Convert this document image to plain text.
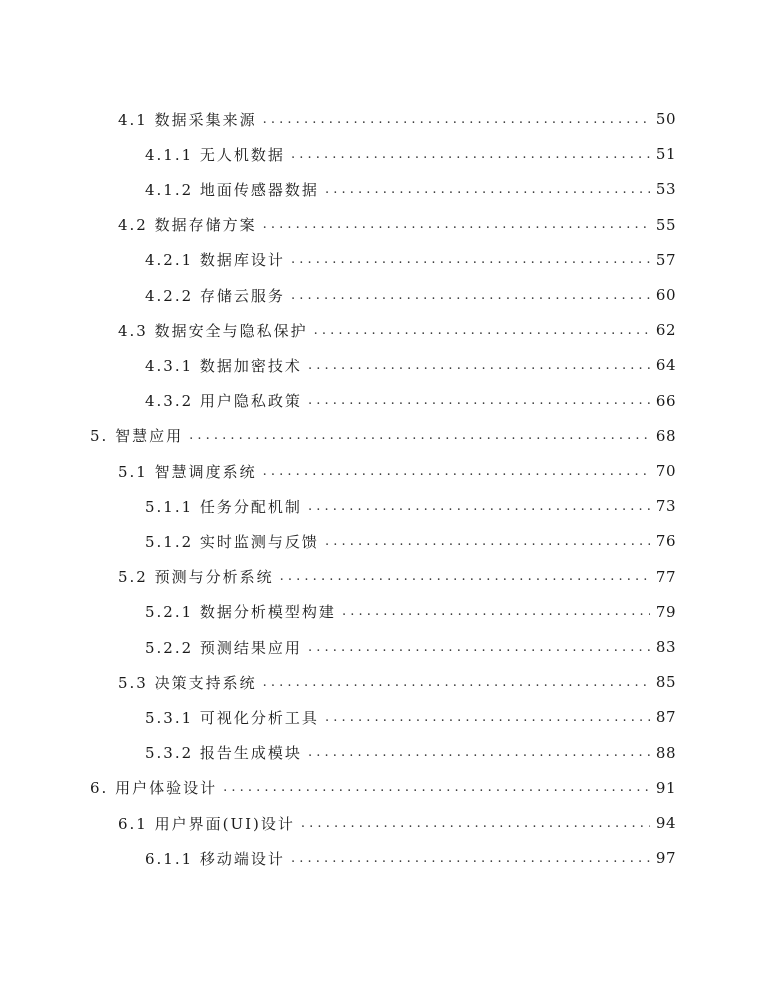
4.1 数据采集来源 . . .	50
4.1.1 无人机数据 . . .	51
4.1.2 地面传感器数据 . . .	53
4.2 数据存储方案 . . .	55
4.2.1 数据库设计 . . .	57
4.2.2 存储云服务 . . .	60
4.3 数据安全与隐私保护 . . .	62
4.3.1 数据加密技术 . . .	64
4.3.2 用户隐私政策 . . .	66
5. 智慧应用 . . .	68
5.1 智慧调度系统 . . .	70
5.1.1 任务分配机制 . . .	73
5.1.2 实时监测与反馈 . . .	76
5.2 预测与分析系统 . . .	77
5.2.1 数据分析模型构建 . . .	79
5.2.2 预测结果应用 . . .	83
5.3 决策支持系统 . . .	85
5.3.1 可视化分析工具 . . .	87
5.3.2 报告生成模块 . . .	88
6. 用户体验设计 . . .	91
6.1 用户界面(UI)设计 . . .	94
6.1.1 移动端设计 . . .	97
